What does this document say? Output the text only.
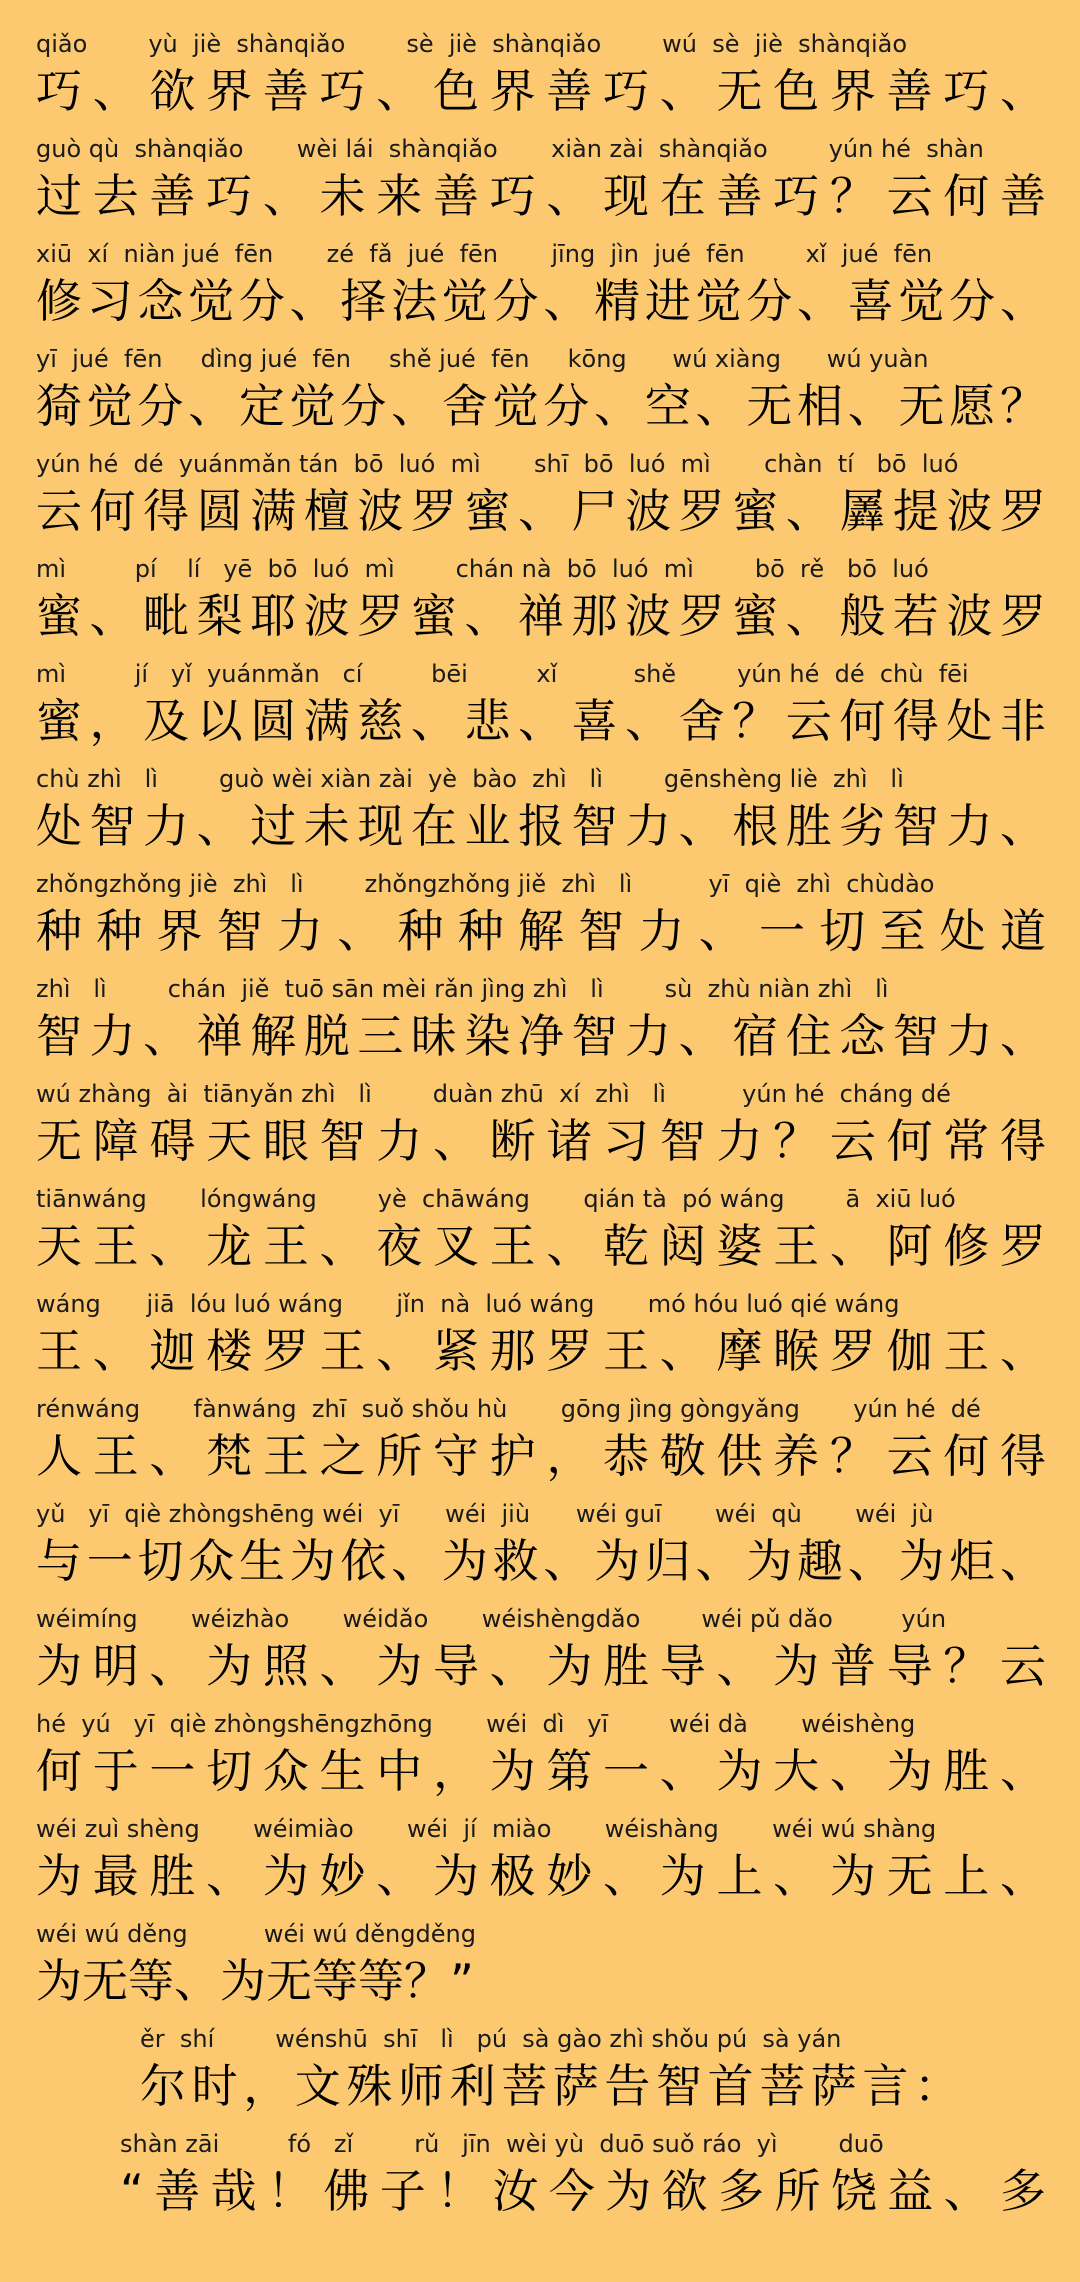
qiǎo        yù  jiè  shànqiǎo        sè  jiè  shànqiǎo        wú  sè  jiè  shànqiǎo
巧、欲界善巧、色界善巧、无色界善巧、
guò qù  shànqiǎo       wèi lái  shànqiǎo       xiàn zài  shànqiǎo        yún hé  shàn
过去善巧、未来善巧、现在善巧？云何善
xiū  xí  niàn jué  fēn       zé  fǎ  jué  fēn       jīng  jìn  jué  fēn        xǐ  jué  fēn
修习念觉分、择法觉分、精进觉分、喜觉分、
yī  jué  fēn     dìng jué  fēn     shě jué  fēn     kōng      wú xiàng      wú yuàn
猗觉分、定觉分、舍觉分、空、无相、无愿？
yún hé  dé  yuánmǎn tán  bō  luó  mì       shī  bō  luó  mì       chàn  tí   bō  luó
云何得圆满檀波罗蜜、尸波罗蜜、羼提波罗
mì         pí    lí   yē  bō  luó  mì        chán nà  bō  luó  mì        bō  rě   bō  luó
蜜、毗梨耶波罗蜜、禅那波罗蜜、般若波罗
mì         jí   yǐ  yuánmǎn   cí         bēi         xǐ          shě        yún hé  dé  chù  fēi
蜜，及以圆满慈、悲、喜、舍？云何得处非
chù zhì   lì        guò wèi xiàn zài  yè  bào  zhì   lì        gēnshèng liè  zhì   lì
处智力、过未现在业报智力、根胜劣智力、
zhǒngzhǒng jiè  zhì   lì        zhǒngzhǒng jiě  zhì   lì          yī  qiè  zhì  chùdào
种种界智力、种种解智力、一切至处道
zhì   lì        chán  jiě  tuō sān mèi rǎn jìng zhì   lì        sù  zhù niàn zhì   lì
智力、禅解脱三昧染净智力、宿住念智力、
wú zhàng  ài  tiānyǎn zhì   lì        duàn zhū  xí  zhì   lì          yún hé  cháng dé
无障碍天眼智力、断诸习智力？云何常得
tiānwáng       lóngwáng        yè  chāwáng       qián tà  pó wáng        ā  xiū luó
天王、龙王、夜叉王、乾闼婆王、阿修罗
wáng      jiā  lóu luó wáng       jǐn  nà  luó wáng       mó hóu luó qié wáng
王、迦楼罗王、紧那罗王、摩睺罗伽王、
rénwáng       fànwáng  zhī  suǒ shǒu hù       gōng jìng gòngyǎng       yún hé  dé
人王、梵王之所守护，恭敬供养？云何得
yǔ   yī  qiè zhòngshēng wéi  yī      wéi  jiù      wéi guī       wéi  qù       wéi  jù
与一切众生为依、为救、为归、为趣、为炬、
wéimíng       wéizhào       wéidǎo       wéishèngdǎo        wéi pǔ dǎo         yún
为明、为照、为导、为胜导、为普导？云
hé  yú   yī  qiè zhòngshēngzhōng       wéi  dì   yī        wéi dà       wéishèng
何于一切众生中，为第一、为大、为胜、
wéi zuì shèng       wéimiào       wéi  jí  miào       wéishàng       wéi wú shàng
为最胜、为妙、为极妙、为上、为无上、
wéi wú děng          wéi wú děngděng
为无等、为无等等？”
ěr  shí        wénshū  shī   lì   pú  sà gào zhì shǒu pú  sà yán
尔时，文殊师利菩萨告智首菩萨言：
shàn zāi         fó   zǐ        rǔ   jīn  wèi yù  duō suǒ ráo  yì        duō
“善哉！佛子！汝今为欲多所饶益、多
